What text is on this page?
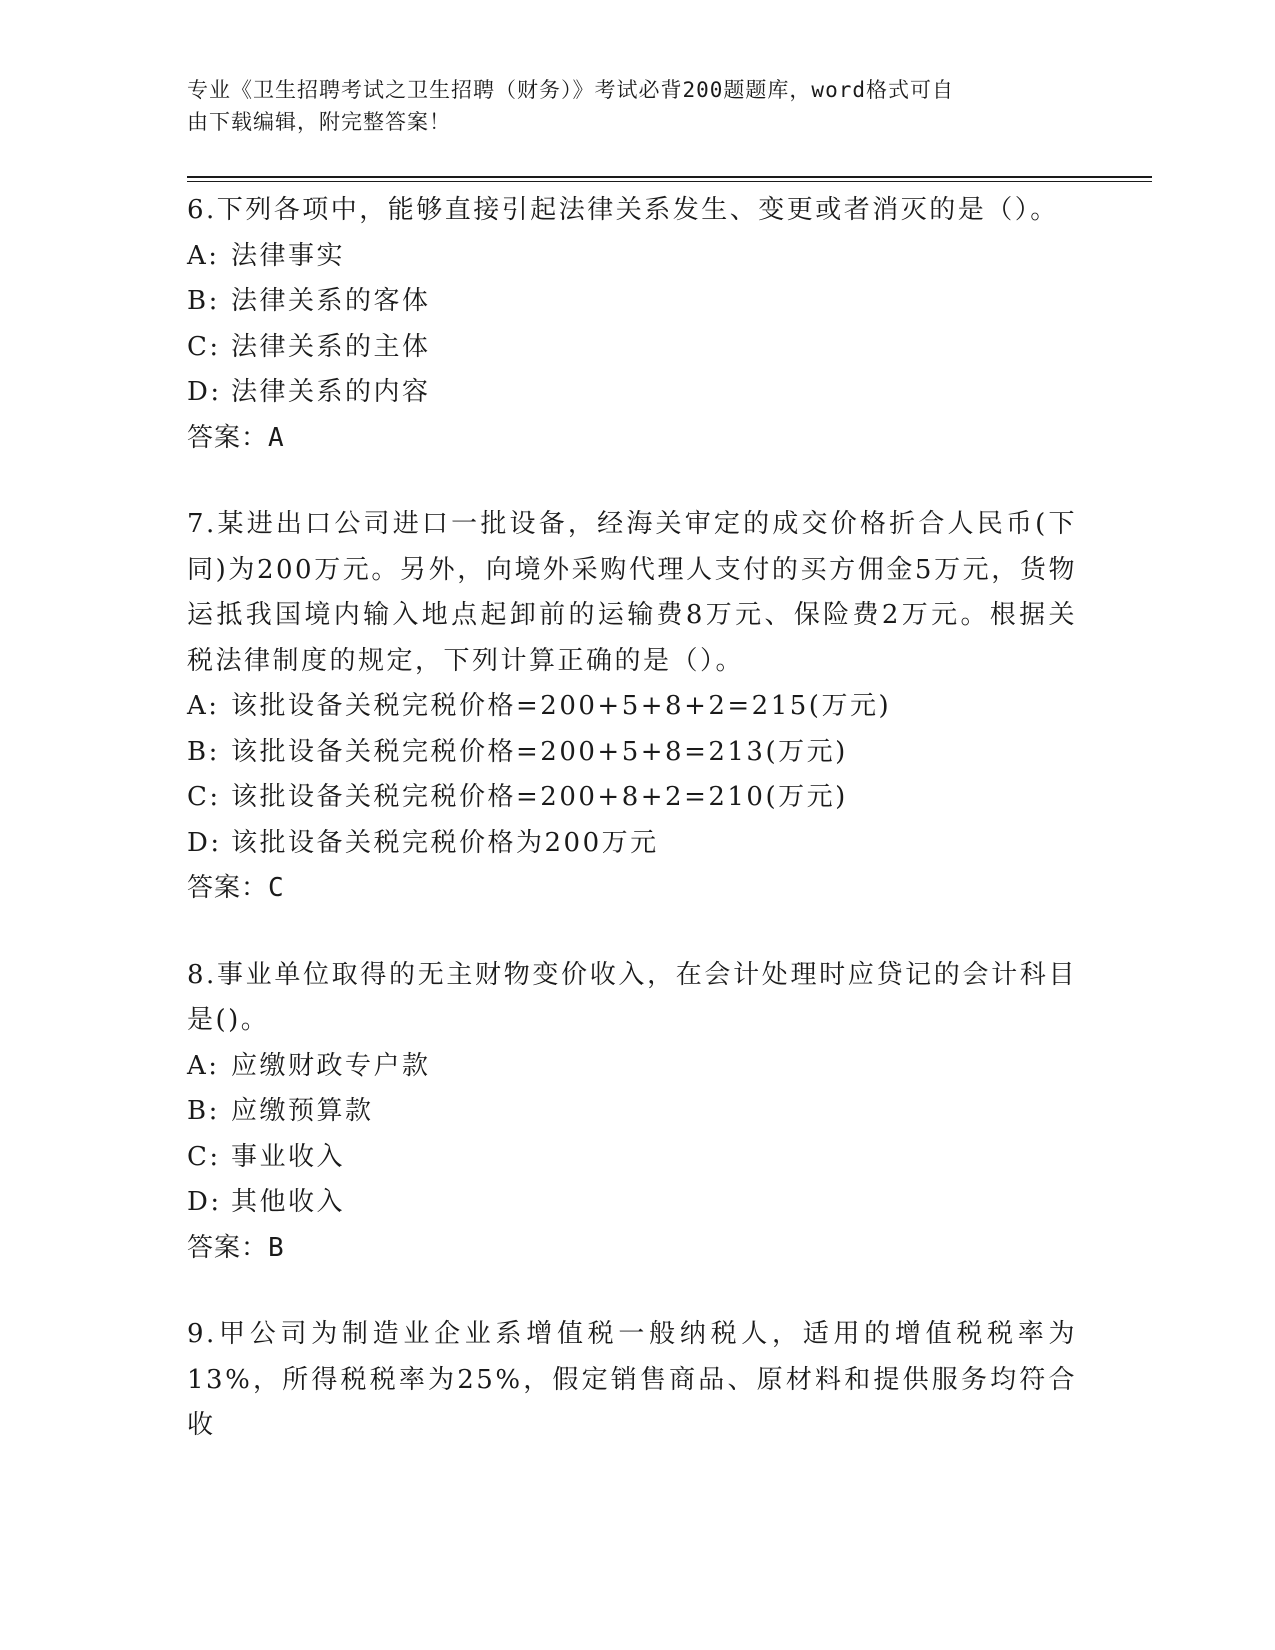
专业《卫生招聘考试之卫生招聘（财务）》考试必背200题题库，word格式可自
由下载编辑，附完整答案！

6.下列各项中，能够直接引起法律关系发生、变更或者消灭的是（）。

A: 法律事实

B: 法律关系的客体

C: 法律关系的主体

D: 法律关系的内容

答案：A

7.某进出口公司进口一批设备，经海关审定的成交价格折合人民币(下同)为200万元。另外，向境外采购代理人支付的买方佣金5万元，货物运抵我国境内输入地点起卸前的运输费8万元、保险费2万元。根据关税法律制度的规定，下列计算正确的是（）。

A: 该批设备关税完税价格=200+5+8+2=215(万元)

B: 该批设备关税完税价格=200+5+8=213(万元)

C: 该批设备关税完税价格=200+8+2=210(万元)

D: 该批设备关税完税价格为200万元

答案：C

8.事业单位取得的无主财物变价收入，在会计处理时应贷记的会计科目是()。

A: 应缴财政专户款

B: 应缴预算款

C: 事业收入

D: 其他收入

答案：B

9.甲公司为制造业企业系增值税一般纳税人，适用的增值税税率为13%，所得税税率为25%，假定销售商品、原材料和提供服务均符合收
